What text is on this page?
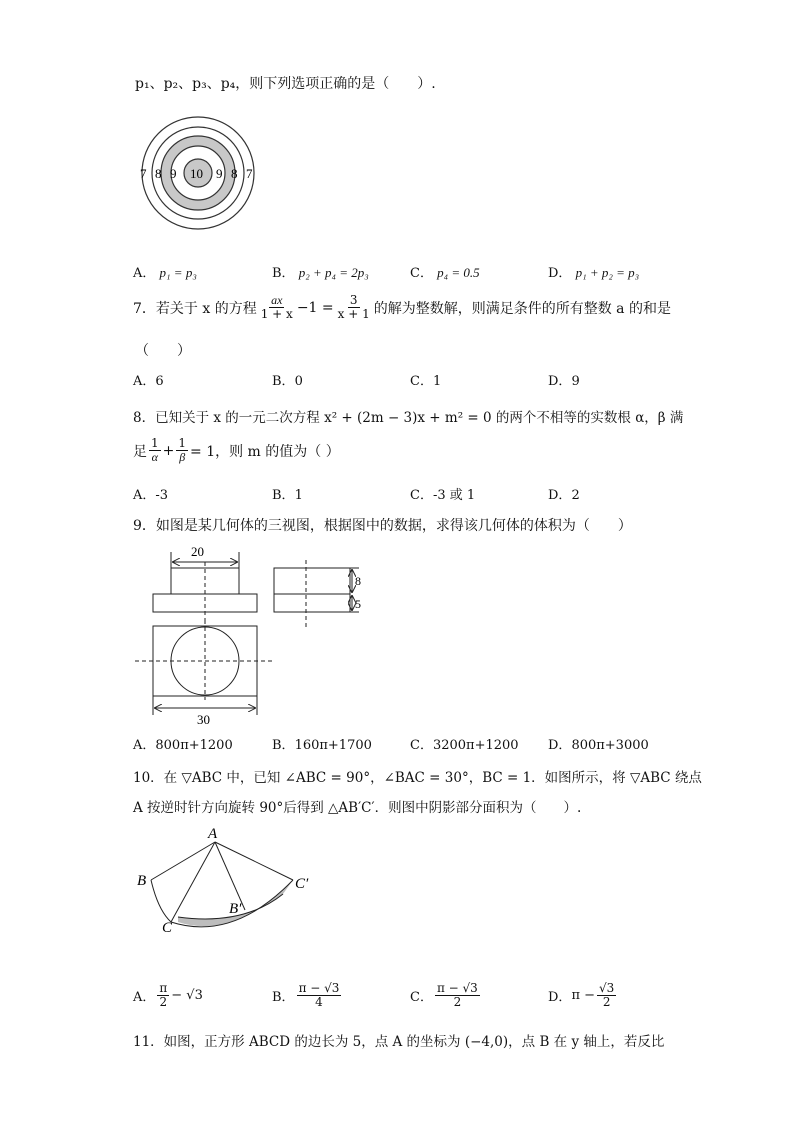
p₁、p₂、p₃、p₄，则下列选项正确的是（　　）.
7 8 9 10 9 8 7
A． p₁ = p₃	B． p₂ + p₄ = 2p₃	C． p₄ = 0.5	D． p₁ + p₂ = p₃
7． 若关于 x 的方程 $\frac{ax}{1 + x} -1 = \frac{3}{x + 1}$ 的解为整数解，则满足条件的所有整数 a 的和是
（　　）
A．6	B．0	C．1	D．9
8．已知关于 x 的一元二次方程 x² + (2m − 3)x + m² = 0 的两个不相等的实数根 α，β 满
足 $\frac{1}{\alpha} + \frac{1}{\beta} = 1$，则 m 的值为（ ）
A．-3	B．1	C．-3 或 1	D．2
9．如图是某几何体的三视图，根据图中的数据，求得该几何体的体积为（　　）
20
8
5
30
A．800π+1200	B．160π+1700	C．3200π+1200 D．800π+3000
10．在 ▽ABC 中，已知 ∠ABC = 90°，∠BAC = 30°，BC = 1．如图所示，将 ▽ABC 绕点
A 按逆时针方向旋转 90°后得到 △AB′C′．则图中阴影部分面积为（　　）.
A
B
C
B′
C′
A． $\frac{\pi}{2} - √3$	B． $\frac{\pi - √3}{4}$	C． $\frac{\pi - √3}{2}$	D． $\pi - \frac{√3}{2}$
11．如图，正方形 ABCD 的边长为 5，点 A 的坐标为 (−4,0)，点 B 在 y 轴上，若反比
